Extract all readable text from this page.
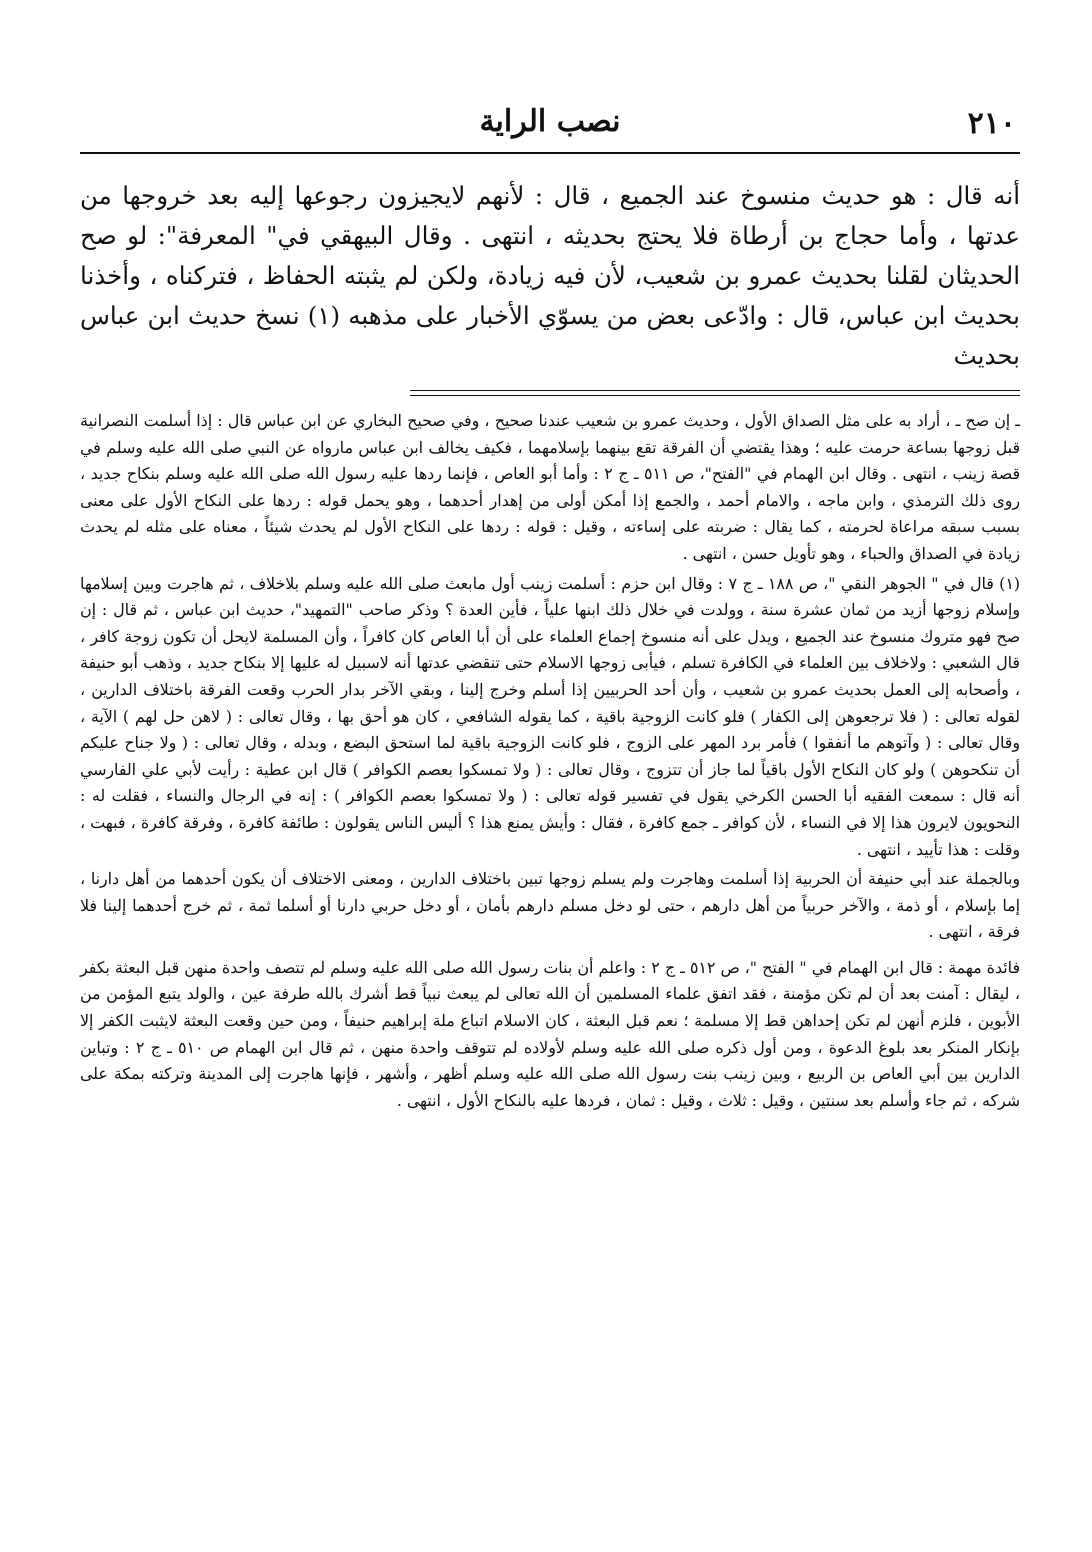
٢١٠
نصب الراية
أنه قال : هو حديث منسوخ عند الجميع ، قال : لأنهم لايجيزون رجوعها إليه بعد خروجها من عدتها ، وأما حجاج بن أرطاة فلا يحتج بحديثه ، انتهى . وقال البيهقي في" المعرفة": لو صح الحديثان لقلنا بحديث عمرو بن شعيب، لأن فيه زيادة، ولكن لم يثبته الحفاظ ، فتركناه ، وأخذنا بحديث ابن عباس، قال : وادّعى بعض من يسوّي الأخبار على مذهبه (١) نسخ حديث ابن عباس بحديث

ـ إن صح ـ ، أراد به على مثل الصداق الأول ، وحديث عمرو بن شعيب عندنا صحيح ، وفي صحيح البخاري عن ابن عباس قال : إذا أسلمت النصرانية قبل زوجها بساعة حرمت عليه ؛ وهذا يقتضي أن الفرقة تقع بينهما بإسلامهما ، فكيف يخالف ابن عباس مارواه عن النبي صلى الله عليه وسلم في قصة زينب ، انتهى . وقال ابن الهمام في "الفتح"، ص ٥١١ ـ ج ٢ : وأما أبو العاص ، فإنما ردها عليه رسول الله صلى الله عليه وسلم بنكاح جديد ، روى ذلك الترمذي ، وابن ماجه ، والامام أحمد ، والجمع إذا أمكن أولى من إهدار أحدهما ، وهو يحمل قوله : ردها على النكاح الأول على معنى بسبب سبقه مراعاة لحرمته ، كما يقال : ضربته على إساءته ، وقيل : قوله : ردها على النكاح الأول لم يحدث شيئاً ، معناه على مثله لم يحدث زيادة في الصداق والحباء ، وهو تأويل حسن ، انتهى .

(١) قال في " الجوهر النقي "، ص ١٨٨ ـ ج ٧ : وقال ابن حزم : أسلمت زينب أول مابعث صلى الله عليه وسلم بلاخلاف ، ثم هاجرت وبين إسلامها وإسلام زوجها أزيد من ثمان عشرة سنة ، وولدت في خلال ذلك ابنها علياً ، فأين العدة ؟ وذكر صاحب "التمهيد"، حديث ابن عباس ، ثم قال : إن صح فهو متروك منسوخ عند الجميع ، ويدل على أنه منسوخ إجماع العلماء على أن أبا العاص كان كافراً ، وأن المسلمة لايحل أن تكون زوجة كافر ، قال الشعبي : ولاخلاف بين العلماء في الكافرة تسلم ، فيأبى زوجها الاسلام حتى تنقضي عدتها أنه لاسبيل له عليها إلا بنكاح جديد ، وذهب أبو حنيفة ، وأصحابه إلى العمل بحديث عمرو بن شعيب ، وأن أحد الحربيين إذا أسلم وخرج إلينا ، وبقي الآخر بدار الحرب وقعت الفرقة باختلاف الدارين ، لقوله تعالى : ( فلا ترجعوهن إلى الكفار ) فلو كانت الزوجية باقية ، كما يقوله الشافعي ، كان هو أحق بها ، وقال تعالى : ( لاهن حل لهم ) الآية ، وقال تعالى : ( وآتوهم ما أنفقوا ) فأمر برد المهر على الزوج ، فلو كانت الزوجية باقية لما استحق البضع ، وبدله ، وقال تعالى : ( ولا جناح عليكم أن تنكحوهن ) ولو كان النكاح الأول باقياً لما جاز أن تتزوج ، وقال تعالى : ( ولا تمسكوا بعصم الكوافر ) قال ابن عطية : رأيت لأبي علي الفارسي أنه قال : سمعت الفقيه أبا الحسن الكرخي يقول في تفسير قوله تعالى : ( ولا تمسكوا بعصم الكوافر ) : إنه في الرجال والنساء ، فقلت له : النحويون لايرون هذا إلا في النساء ، لأن كوافر ـ جمع كافرة ، فقال : وأيش يمنع هذا ؟ أليس الناس يقولون : طائفة كافرة ، وفرقة كافرة ، فبهت ، وقلت : هذا تأييد ، انتهى .

وبالجملة عند أبي حنيفة أن الحربية إذا أسلمت وهاجرت ولم يسلم زوجها تبين باختلاف الدارين ، ومعنى الاختلاف أن يكون أحدهما من أهل دارنا ، إما بإسلام ، أو ذمة ، والآخر حربياً من أهل دارهم ، حتى لو دخل مسلم دارهم بأمان ، أو دخل حربي دارنا أو أسلما ثمة ، ثم خرج أحدهما إلينا فلا فرقة ، انتهى .

فائدة مهمة : قال ابن الهمام في " الفتح "، ص ٥١٢ ـ ج ٢ : واعلم أن بنات رسول الله صلى الله عليه وسلم لم تتصف واحدة منهن قبل البعثة بكفر ، ليقال : آمنت بعد أن لم تكن مؤمنة ، فقد اتفق علماء المسلمين أن الله تعالى لم يبعث نبياً قط أشرك بالله طرفة عين ، والولد يتبع المؤمن من الأبوين ، فلزم أنهن لم تكن إحداهن قط إلا مسلمة ؛ نعم قبل البعثة ، كان الاسلام اتباع ملة إبراهيم حنيفاً ، ومن حين وقعت البعثة لايثبت الكفر إلا بإنكار المنكر بعد بلوغ الدعوة ، ومن أول ذكره صلى الله عليه وسلم لأولاده لم تتوقف واحدة منهن ، ثم قال ابن الهمام ص ٥١٠ ـ ج ٢ : وتباين الدارين بين أبي العاص بن الربيع ، وبين زينب بنت رسول الله صلى الله عليه وسلم أظهر ، وأشهر ، فإنها هاجرت إلى المدينة وتركته بمكة على شركه ، ثم جاء وأسلم بعد سنتين ، وقيل : ثلاث ، وقيل : ثمان ، فردها عليه بالنكاح الأول ، انتهى .
